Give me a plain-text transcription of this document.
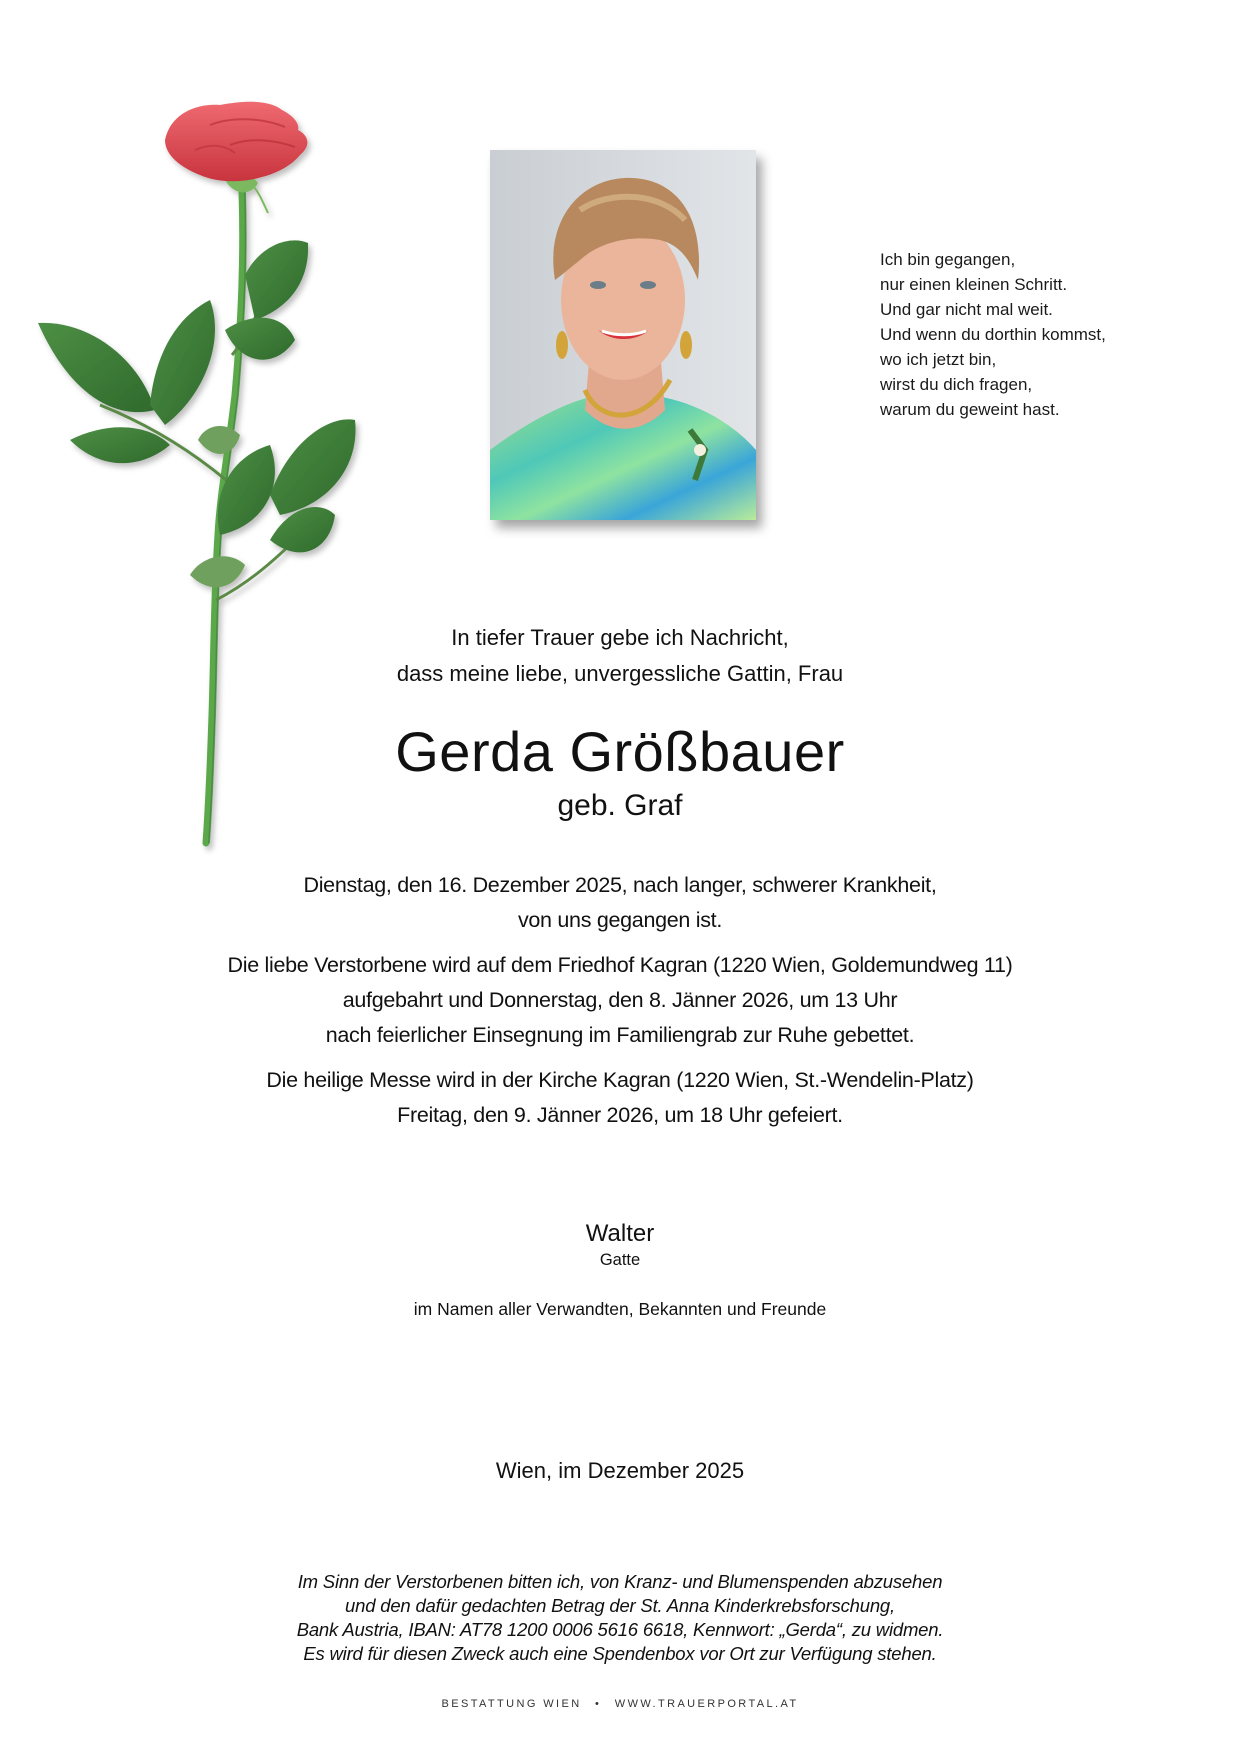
Ich bin gegangen,
nur einen kleinen Schritt.
Und gar nicht mal weit.
Und wenn du dorthin kommst,
wo ich jetzt bin,
wirst du dich fragen,
warum du geweint hast.
In tiefer Trauer gebe ich Nachricht,
dass meine liebe, unvergessliche Gattin, Frau
Gerda Größbauer
geb. Graf
Dienstag, den 16. Dezember 2025, nach langer, schwerer Krankheit,
von uns gegangen ist.
Die liebe Verstorbene wird auf dem Friedhof Kagran (1220 Wien, Goldemundweg 11)
aufgebahrt und Donnerstag, den 8. Jänner 2026, um 13 Uhr
nach feierlicher Einsegnung im Familiengrab zur Ruhe gebettet.
Die heilige Messe wird in der Kirche Kagran (1220 Wien, St.-Wendelin-Platz)
Freitag, den 9. Jänner 2026, um 18 Uhr gefeiert.
Walter
Gatte
im Namen aller Verwandten, Bekannten und Freunde
Wien, im Dezember 2025
Im Sinn der Verstorbenen bitten ich, von Kranz- und Blumenspenden abzusehen
und den dafür gedachten Betrag der St. Anna Kinderkrebsforschung,
Bank Austria, IBAN: AT78 1200 0006 5616 6618, Kennwort: „Gerda“, zu widmen.
Es wird für diesen Zweck auch eine Spendenbox vor Ort zur Verfügung stehen.
BESTATTUNG WIEN • WWW.TRAUERPORTAL.AT
